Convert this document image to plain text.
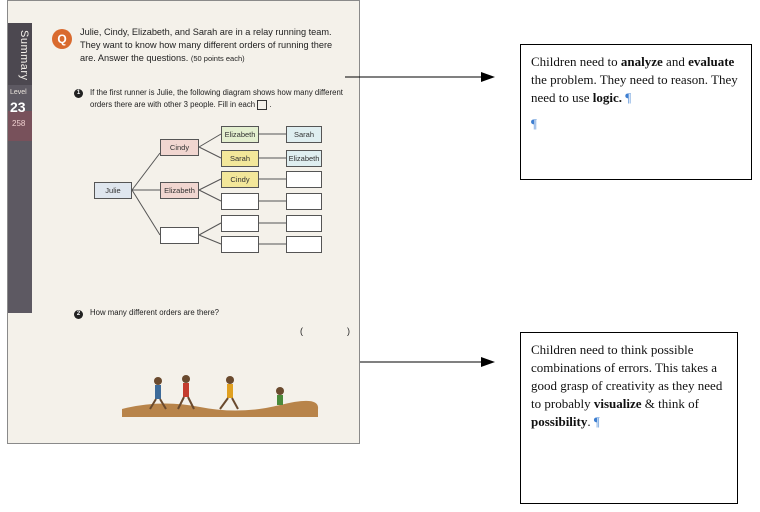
Summary
Level
23
258
Q	Julie, Cindy, Elizabeth, and Sarah are in a relay running team. They want to know how many different orders of running there are. Answer the questions. (50 points each)
1	If the first runner is Julie, the following diagram shows how many different orders there are with other 3 people. Fill in each  .
Julie
Cindy
Elizabeth
Elizabeth
Sarah
Cindy
Sarah
Elizabeth
2	How many different orders are there?
(	)
Children need to analyze and evaluate the problem. They need to reason. They need to use logic. ¶
¶
Children need to think possible combinations of errors. This takes a good grasp of creativity as they need to probably visualize & think of possibility. ¶
